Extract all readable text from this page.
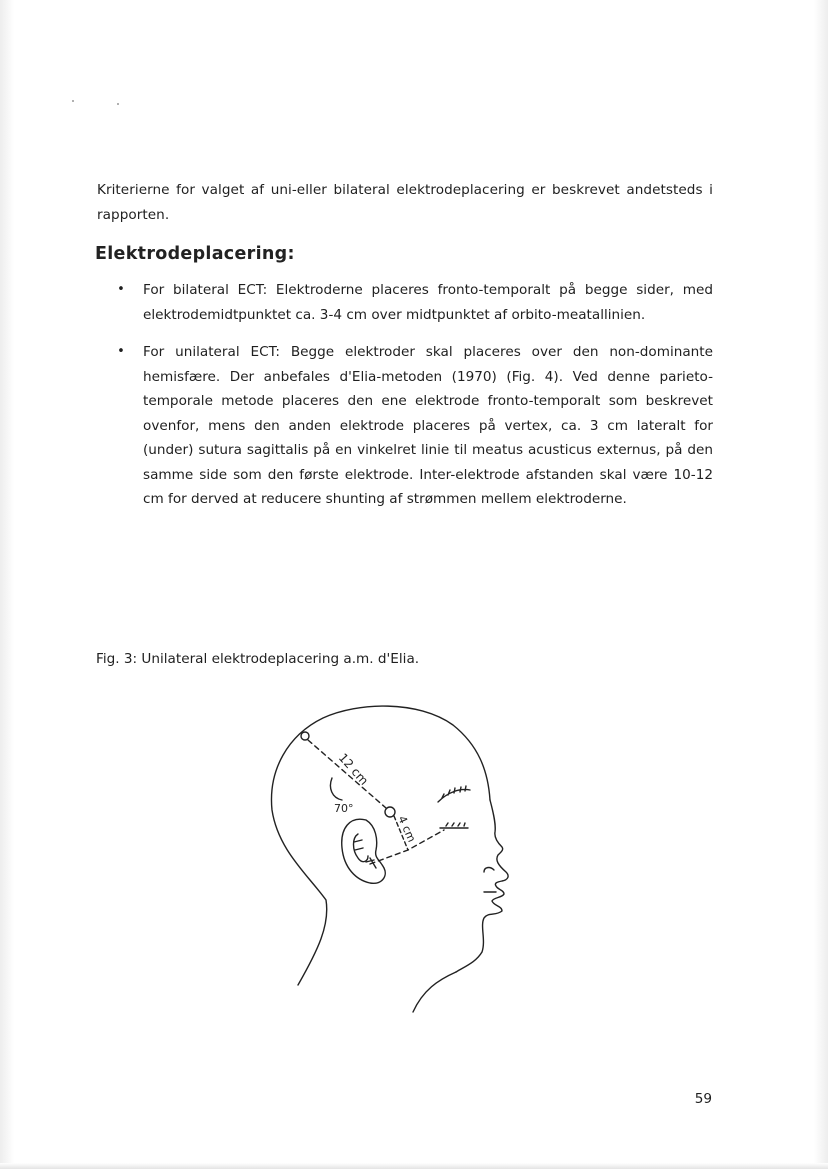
Kriterierne for valget af uni-eller bilateral elektrodeplacering er beskrevet andetsteds i rapporten.

Elektrodeplacering:
• For bilateral ECT: Elektroderne placeres fronto-temporalt på begge sider, med elektrodemidtpunktet ca. 3-4 cm over midtpunktet af orbito-meatallinien.
• For unilateral ECT: Begge elektroder skal placeres over den non-dominante hemisfære. Der anbefales d'Elia-metoden (1970) (Fig. 4). Ved denne parieto-temporale metode placeres den ene elektrode fronto-temporalt som beskrevet ovenfor, mens den anden elektrode placeres på vertex, ca. 3 cm lateralt for (under) sutura sagittalis på en vinkelret linie til meatus acusticus externus, på den samme side som den første elektrode. Inter-elektrode afstanden skal være 10-12 cm for derved at reducere shunting af strømmen mellem elektroderne.

Fig. 3: Unilateral elektrodeplacering a.m. d'Elia.

12 cm
70°
4 cm

59
